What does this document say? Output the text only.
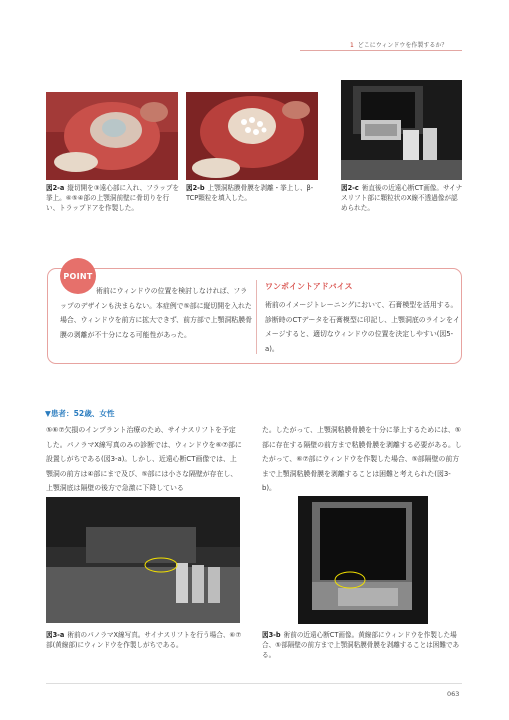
1 どこにウィンドウを作製するか？
図2-a 縦切開を③遠心部に入れ、フラップを挙上。⑥⑤④部の上顎洞前壁に骨切りを行い、トラップドアを作製した。
図2-b 上顎洞粘膜骨膜を剥離・挙上し、β-TCP顆粒を填入した。
図2-c 術直後の近遠心断CT画像。サイナスリフト部に顆粒状のX線不透過像が認められた。
POINT
術前にウィンドウの位置を検討しなければ、フラップのデザインも決まらない。本症例で⑤部に縦切開を入れた場合、ウィンドウを前方に拡大できず、前方部で上顎洞粘膜骨膜の剥離が不十分になる可能性があった。
ワンポイントアドバイス
術前のイメージトレーニングにおいて、石膏模型を活用する。診断時のCTデータを石膏模型に印記し、上顎洞底のラインをイメージすると、適切なウィンドウの位置を決定しやすい(図5-a)。
▼患者：52歳、女性
⑤⑥⑦欠損のインプラント治療のため、サイナスリフトを予定した。パノラマX線写真のみの診断では、ウィンドウを⑥⑦部に設置しがちである(図3-a)。しかし、近遠心断CT画像では、上顎洞の前方は④部にまで及び、⑤部には小さな隔壁が存在し、上顎洞底は隔壁の後方で急激に下降している
た。したがって、上顎洞粘膜骨膜を十分に挙上するためには、⑤部に存在する隔壁の前方まで粘膜骨膜を剥離する必要がある。したがって、⑥⑦部にウィンドウを作製した場合、⑤部隔壁の前方まで上顎洞粘膜骨膜を剥離することは困難と考えられた(図3-b)。
図3-a 術前のパノラマX線写真。サイナスリフトを行う場合、⑥⑦部(黄線部)にウィンドウを作製しがちである。
図3-b 術前の近遠心断CT画像。黄線部にウィンドウを作製した場合、⑤部隔壁の前方まで上顎洞粘膜骨膜を剥離することは困難である。
063
